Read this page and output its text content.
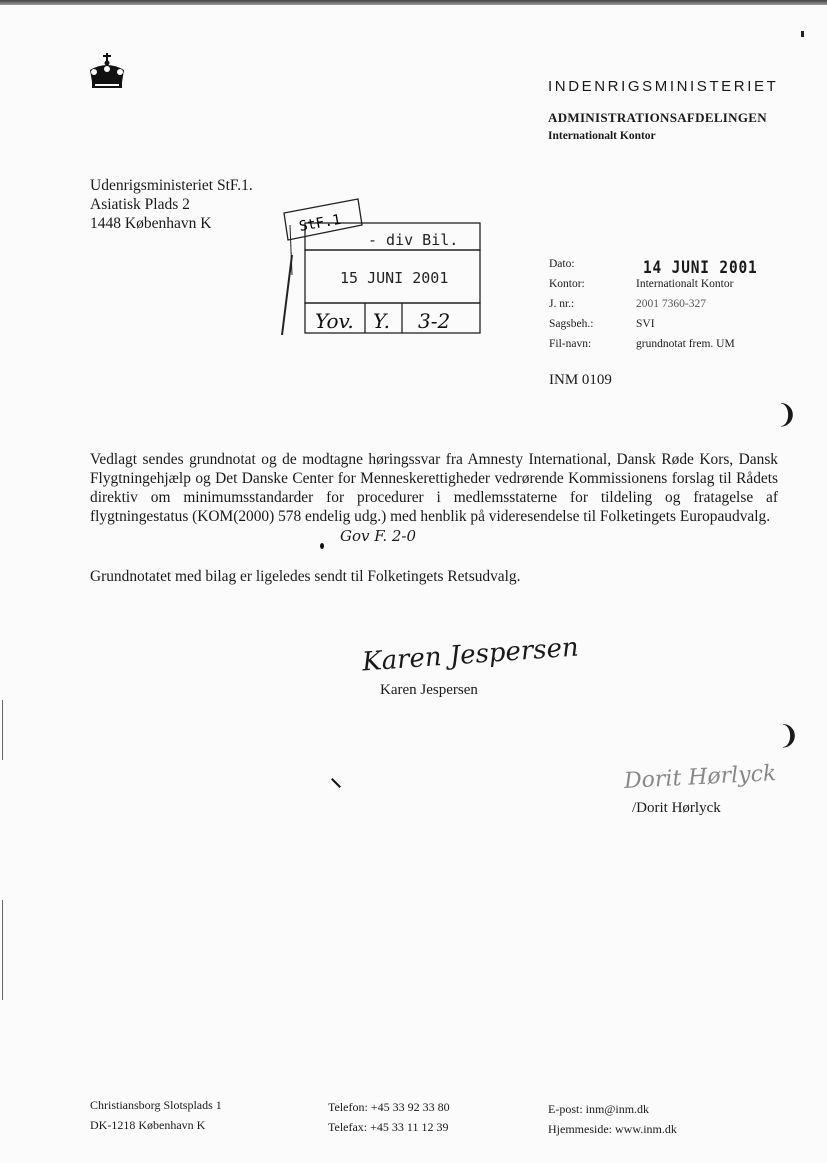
INDENRIGSMINISTERIET
ADMINISTRATIONSAFDELINGEN
Internationalt Kontor
Udenrigsministeriet StF.1.
Asiatisk Plads 2
1448 København K	StF.1
- div Bil.
15 JUNI 2001
Yov. Y. 3-2
Dato:	14 JUNI 2001
Kontor:	Internationalt Kontor
J. nr.:	2001 7360-327
Sagsbeh.:	SVI
Fil-navn:	grundnotat frem. UM
INM 0109
❩
❩
Vedlagt sendes grundnotat og de modtagne høringssvar fra Amnesty International, Dansk Røde Kors, Dansk Flygtningehjælp og Det Danske Center for Menneskerettigheder vedrørende Kommissionens forslag til Rådets direktiv om minimumsstandarder for procedurer i medlemsstaterne for tildeling og fratagelse af flygtningestatus (KOM(2000) 578 endelig udg.) med henblik på videresendelse til Folketingets Europaudvalg.
Gov F. 2-0
Grundnotatet med bilag er ligeledes sendt til Folketingets Retsudvalg.
Karen Jespersen
Karen Jespersen
Dorit Hørlyck
/Dorit Hørlyck
Christiansborg Slotsplads 1
DK-1218 København K
Telefon: +45 33 92 33 80
Telefax: +45 33 11 12 39
E-post: inm@inm.dk
Hjemmeside: www.inm.dk
